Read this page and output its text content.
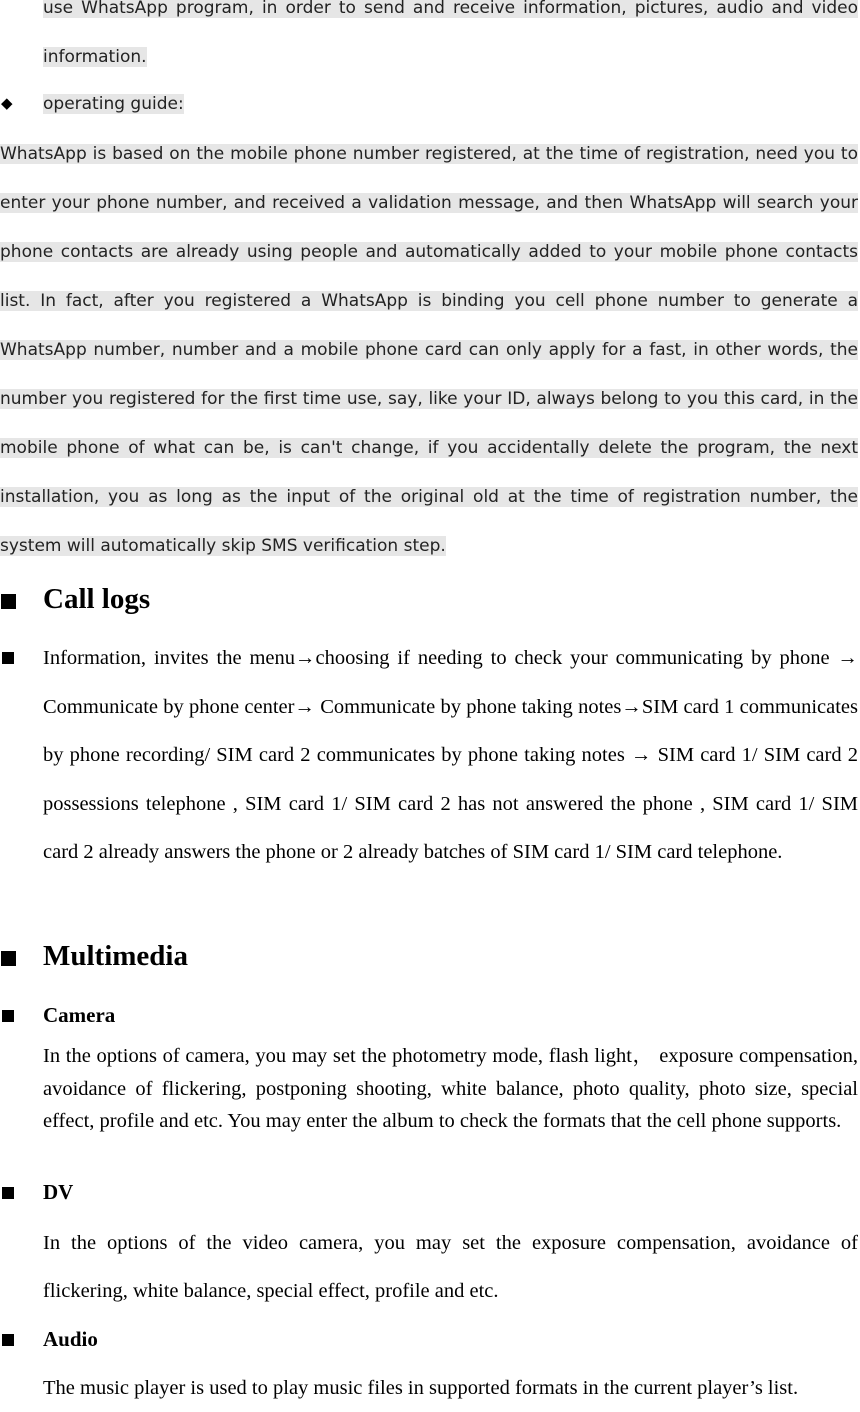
use WhatsApp program, in order to send and receive information, pictures, audio and video
information.
◆ operating guide:
WhatsApp is based on the mobile phone number registered, at the time of registration, need you to enter your phone number, and received a validation message, and then WhatsApp will search your phone contacts are already using people and automatically added to your mobile phone contacts list. In fact, after you registered a WhatsApp is binding you cell phone number to generate a WhatsApp number, number and a mobile phone card can only apply for a fast, in other words, the number you registered for the first time use, say, like your ID, always belong to you this card, in the mobile phone of what can be, is can't change, if you accidentally delete the program, the next installation, you as long as the input of the original old at the time of registration number, the system will automatically skip SMS verification step.
Call logs
Information, invites the menu→choosing if needing to check your communicating by phone → Communicate by phone center→ Communicate by phone taking notes→SIM card 1 communicates by phone recording/ SIM card 2 communicates by phone taking notes → SIM card 1/ SIM card 2 possessions telephone , SIM card 1/ SIM card 2 has not answered the phone , SIM card 1/ SIM card 2 already answers the phone or 2 already batches of SIM card 1/ SIM card telephone.
Multimedia
Camera
In the options of camera, you may set the photometry mode, flash light， exposure compensation, avoidance of flickering, postponing shooting, white balance, photo quality, photo size, special effect, profile and etc. You may enter the album to check the formats that the cell phone supports.
DV
In the options of the video camera, you may set the exposure compensation, avoidance of flickering, white balance, special effect, profile and etc.
Audio
The music player is used to play music files in supported formats in the current player’s list.
